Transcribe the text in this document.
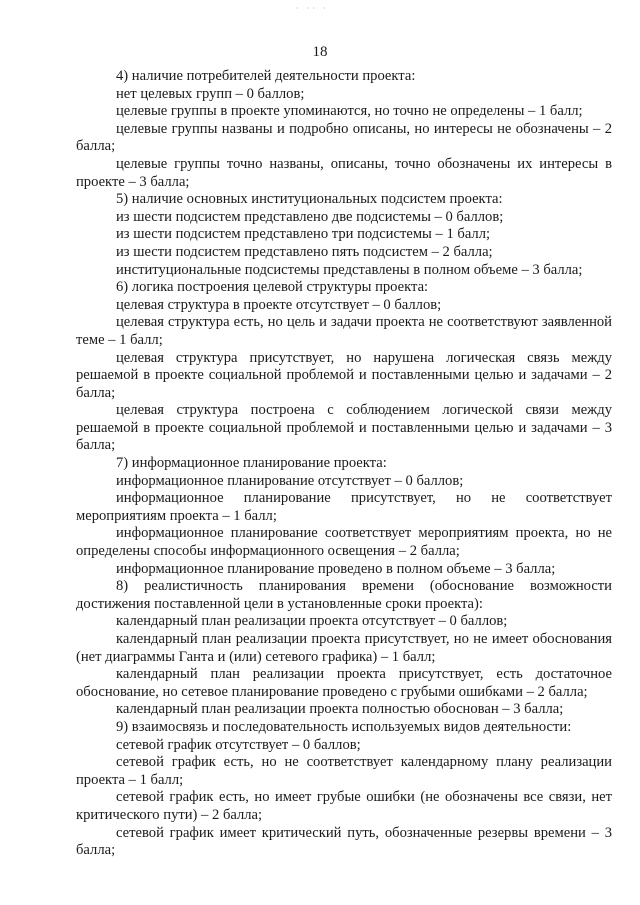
· ·· ·
18

4) наличие потребителей деятельности проекта:

нет целевых групп – 0 баллов;

целевые группы в проекте упоминаются, но точно не определены – 1 балл;

целевые группы названы и подробно описаны, но интересы не обозначены – 2 балла;

целевые группы точно названы, описаны, точно обозначены их интересы в проекте – 3 балла;

5) наличие основных институциональных подсистем проекта:

из шести подсистем представлено две подсистемы – 0 баллов;

из шести подсистем представлено три подсистемы – 1 балл;

из шести подсистем представлено пять подсистем – 2 балла;

институциональные подсистемы представлены в полном объеме – 3 балла;

6) логика построения целевой структуры проекта:

целевая структура в проекте отсутствует – 0 баллов;

целевая структура есть, но цель и задачи проекта не соответствуют заявленной теме – 1 балл;

целевая структура присутствует, но нарушена логическая связь между решаемой в проекте социальной проблемой и поставленными целью и задачами – 2 балла;

целевая структура построена с соблюдением логической связи между решаемой в проекте социальной проблемой и поставленными целью и задачами – 3 балла;

7) информационное планирование проекта:

информационное планирование отсутствует – 0 баллов;

информационное планирование присутствует, но не соответствует мероприятиям проекта – 1 балл;

информационное планирование соответствует мероприятиям проекта, но не определены способы информационного освещения – 2 балла;

информационное планирование проведено в полном объеме – 3 балла;

8) реалистичность планирования времени (обоснование возможности достижения поставленной цели в установленные сроки проекта):

календарный план реализации проекта отсутствует – 0 баллов;

календарный план реализации проекта присутствует, но не имеет обоснования (нет диаграммы Ганта и (или) сетевого графика) – 1 балл;

календарный план реализации проекта присутствует, есть достаточное обоснование, но сетевое планирование проведено с грубыми ошибками – 2 балла;

календарный план реализации проекта полностью обоснован – 3 балла;

9) взаимосвязь и последовательность используемых видов деятельности:

сетевой график отсутствует – 0 баллов;

сетевой график есть, но не соответствует календарному плану реализации проекта – 1 балл;

сетевой график есть, но имеет грубые ошибки (не обозначены все связи, нет критического пути) – 2 балла;

сетевой график имеет критический путь, обозначенные резервы времени – 3 балла;
